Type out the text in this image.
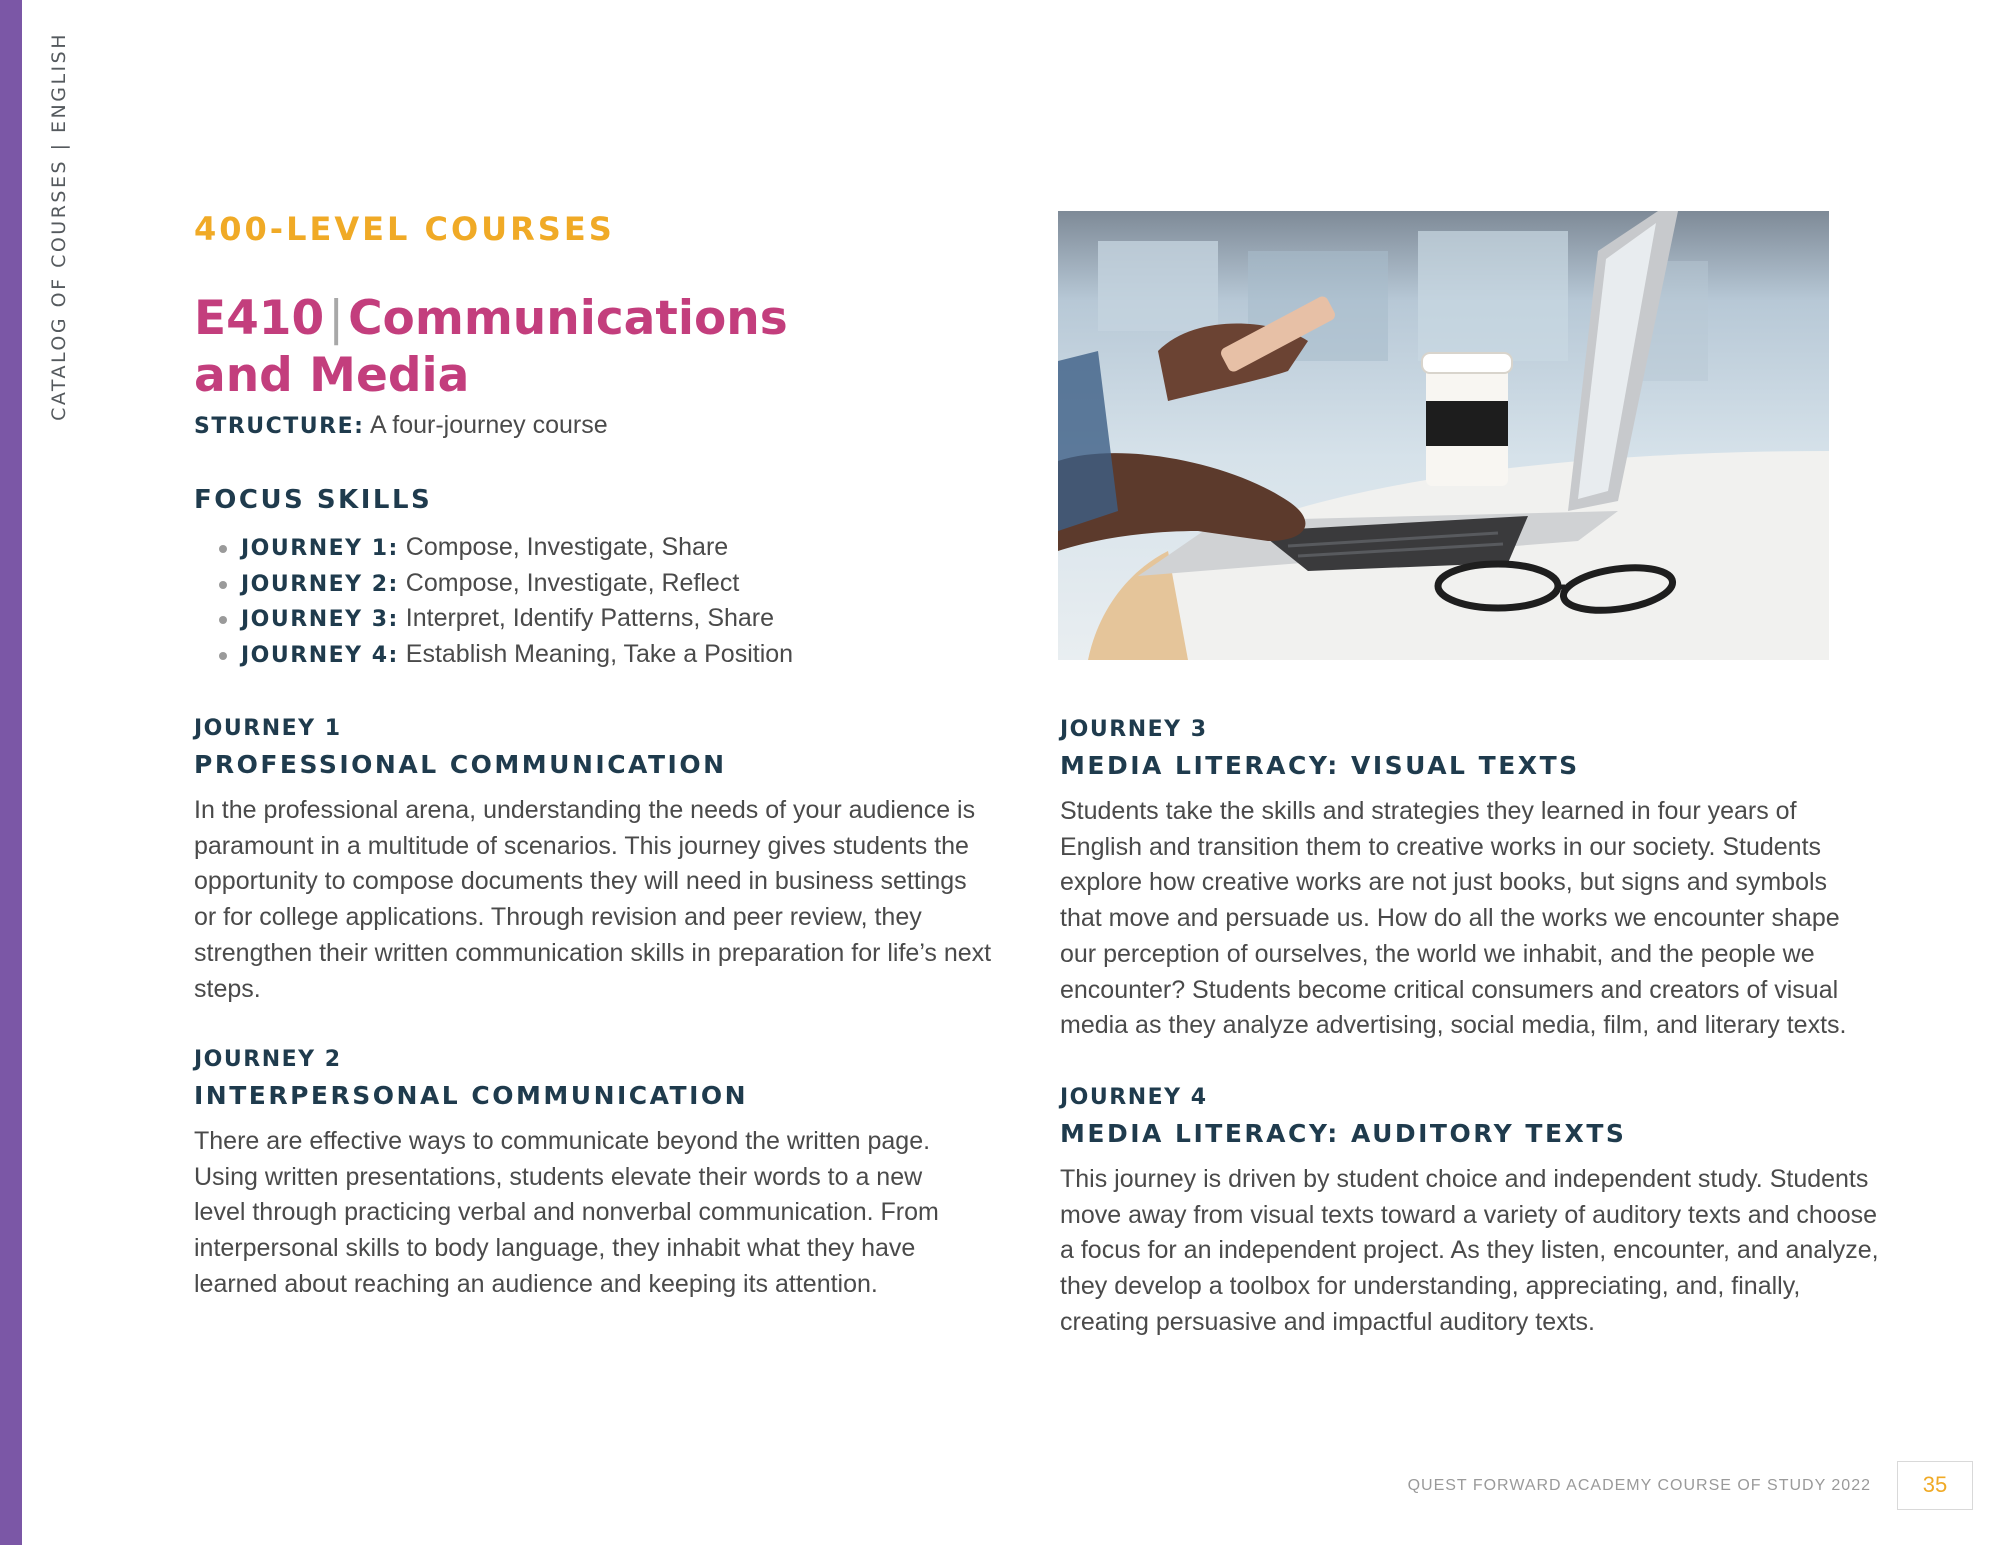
CATALOG OF COURSES | ENGLISH	400-LEVEL COURSES
E410|Communications and Media
STRUCTURE: A four-journey course
FOCUS SKILLS
JOURNEY 1: Compose, Investigate, Share
JOURNEY 2: Compose, Investigate, Reflect
JOURNEY 3: Interpret, Identify Patterns, Share
JOURNEY 4: Establish Meaning, Take a Position
JOURNEY 1
PROFESSIONAL COMMUNICATION

In the professional arena, understanding the needs of your audience is paramount in a multitude of scenarios. This journey gives students the opportunity to compose documents they will need in business settings or for college applications. Through revision and peer review, they strengthen their written communication skills in preparation for life’s next steps.

JOURNEY 2
INTERPERSONAL COMMUNICATION

There are effective ways to communicate beyond the written page. Using written presentations, students elevate their words to a new level through practicing verbal and nonverbal communication. From interpersonal skills to body language, they inhabit what they have learned about reaching an audience and keeping its attention.

JOURNEY 3
MEDIA LITERACY: VISUAL TEXTS

Students take the skills and strategies they learned in four years of English and transition them to creative works in our society. Students explore how creative works are not just books, but signs and symbols that move and persuade us. How do all the works we encounter shape our perception of ourselves, the world we inhabit, and the people we encounter? Students become critical consumers and creators of visual media as they analyze advertising, social media, film, and literary texts.

JOURNEY 4
MEDIA LITERACY: AUDITORY TEXTS

This journey is driven by student choice and independent study. Students move away from visual texts toward a variety of auditory texts and choose a focus for an independent project. As they listen, encounter, and analyze, they develop a toolbox for understanding, appreciating, and, finally, creating persuasive and impactful auditory texts.

QUEST FORWARD ACADEMY COURSE OF STUDY 2022	35
